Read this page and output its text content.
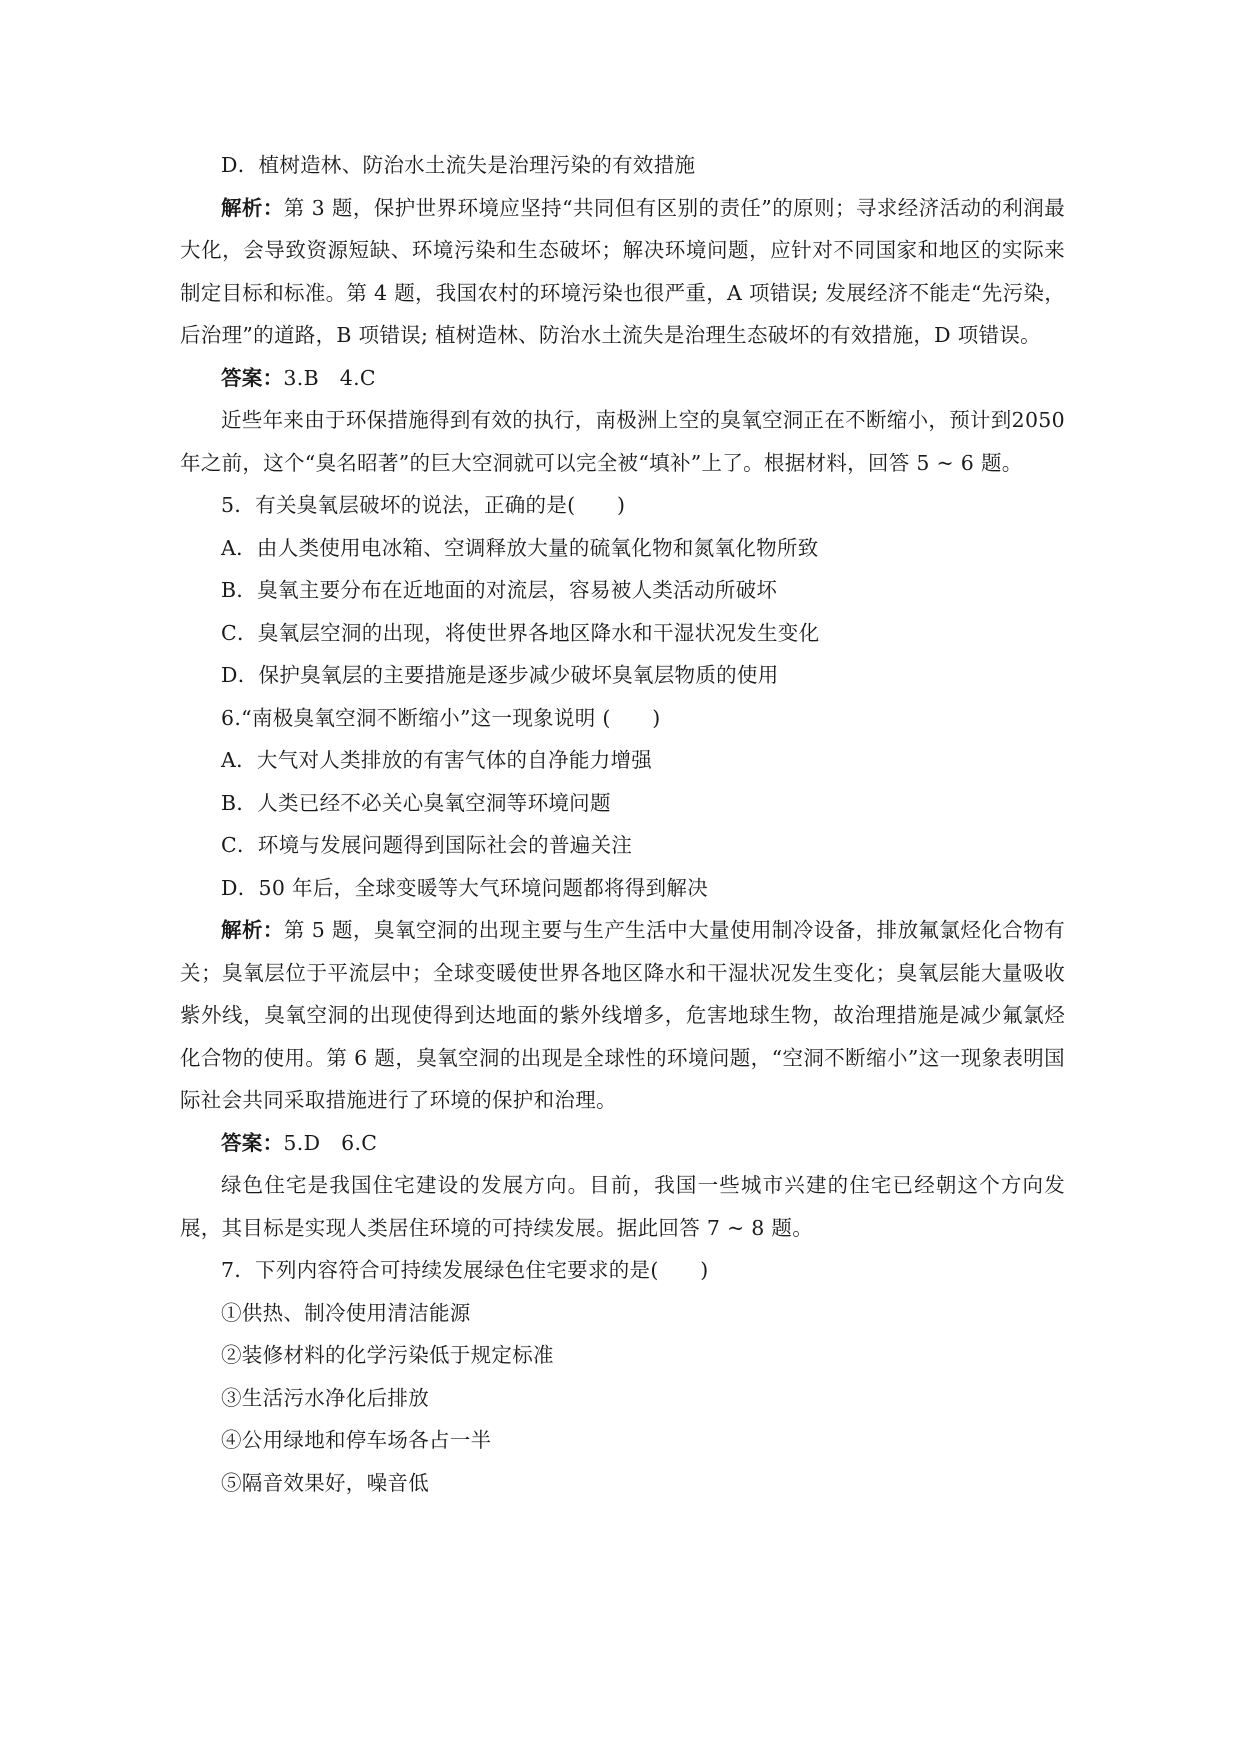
D．植树造林、防治水土流失是治理污染的有效措施

解析：第 3 题，保护世界环境应坚持“共同但有区别的责任”的原则；寻求经济活动的利润最大化，会导致资源短缺、环境污染和生态破坏；解决环境问题，应针对不同国家和地区的实际来制定目标和标准。第 4 题，我国农村的环境污染也很严重，A 项错误; 发展经济不能走“先污染，后治理”的道路，B 项错误; 植树造林、防治水土流失是治理生态破坏的有效措施，D 项错误。

答案：3.B　4.C

近些年来由于环保措施得到有效的执行，南极洲上空的臭氧空洞正在不断缩小，预计到2050 年之前，这个“臭名昭著”的巨大空洞就可以完全被“填补”上了。根据材料，回答 5 ~ 6 题。

5．有关臭氧层破坏的说法，正确的是(　　)

A．由人类使用电冰箱、空调释放大量的硫氧化物和氮氧化物所致

B．臭氧主要分布在近地面的对流层，容易被人类活动所破坏

C．臭氧层空洞的出现，将使世界各地区降水和干湿状况发生变化

D．保护臭氧层的主要措施是逐步减少破坏臭氧层物质的使用

6.“南极臭氧空洞不断缩小”这一现象说明 (　　)

A．大气对人类排放的有害气体的自净能力增强

B．人类已经不必关心臭氧空洞等环境问题

C．环境与发展问题得到国际社会的普遍关注

D．50 年后，全球变暖等大气环境问题都将得到解决

解析：第 5 题，臭氧空洞的出现主要与生产生活中大量使用制冷设备，排放氟氯烃化合物有关；臭氧层位于平流层中；全球变暖使世界各地区降水和干湿状况发生变化；臭氧层能大量吸收紫外线，臭氧空洞的出现使得到达地面的紫外线增多，危害地球生物，故治理措施是减少氟氯烃化合物的使用。第 6 题，臭氧空洞的出现是全球性的环境问题，“空洞不断缩小”这一现象表明国际社会共同采取措施进行了环境的保护和治理。

答案：5.D　6.C

绿色住宅是我国住宅建设的发展方向。目前，我国一些城市兴建的住宅已经朝这个方向发展，其目标是实现人类居住环境的可持续发展。据此回答 7 ~ 8 题。

7．下列内容符合可持续发展绿色住宅要求的是(　　)

①供热、制冷使用清洁能源

②装修材料的化学污染低于规定标准

③生活污水净化后排放

④公用绿地和停车场各占一半

⑤隔音效果好，噪音低
